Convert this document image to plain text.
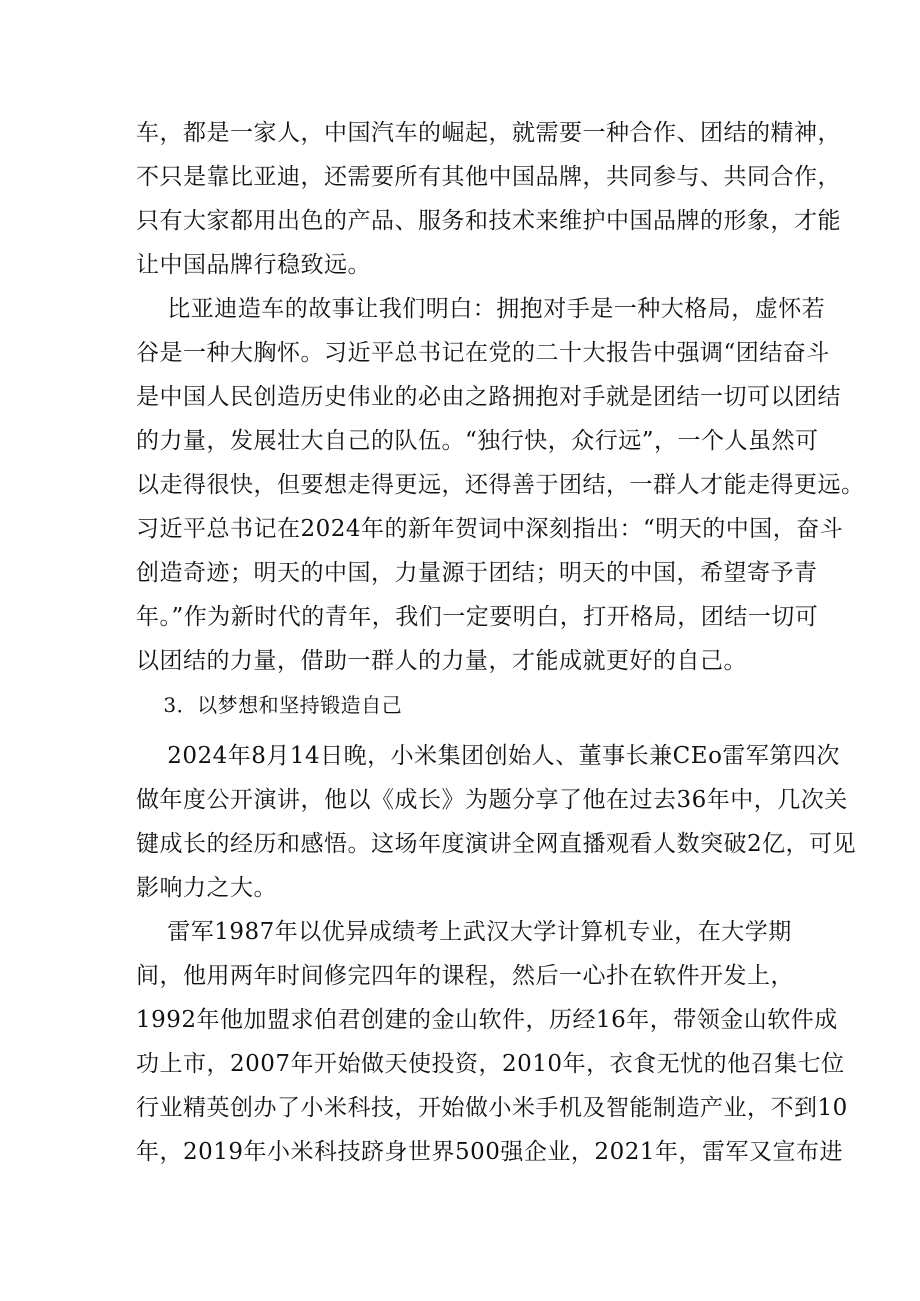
车，都是一家人，中国汽车的崛起，就需要一种合作、团结的精神，
不只是靠比亚迪，还需要所有其他中国品牌，共同参与、共同合作，
只有大家都用出色的产品、服务和技术来维护中国品牌的形象，才能
让中国品牌行稳致远。
比亚迪造车的故事让我们明白：拥抱对手是一种大格局，虚怀若
谷是一种大胸怀。习近平总书记在党的二十大报告中强调“团结奋斗
是中国人民创造历史伟业的必由之路拥抱对手就是团结一切可以团结
的力量，发展壮大自己的队伍。“独行快，众行远”，一个人虽然可
以走得很快，但要想走得更远，还得善于团结，一群人才能走得更远。
习近平总书记在2024年的新年贺词中深刻指出：“明天的中国，奋斗
创造奇迹；明天的中国，力量源于团结；明天的中国，希望寄予青
年。”作为新时代的青年，我们一定要明白，打开格局，团结一切可
以团结的力量，借助一群人的力量，才能成就更好的自己。
3．以梦想和坚持锻造自己
2024年8月14日晚，小米集团创始人、董事长兼CEo雷军第四次
做年度公开演讲，他以《成长》为题分享了他在过去36年中，几次关
键成长的经历和感悟。这场年度演讲全网直播观看人数突破2亿，可见
影响力之大。
雷军1987年以优异成绩考上武汉大学计算机专业，在大学期
间，他用两年时间修完四年的课程，然后一心扑在软件开发上，
1992年他加盟求伯君创建的金山软件，历经16年，带领金山软件成
功上市，2007年开始做天使投资，2010年，衣食无忧的他召集七位
行业精英创办了小米科技，开始做小米手机及智能制造产业，不到10
年，2019年小米科技跻身世界500强企业，2021年，雷军又宣布进
